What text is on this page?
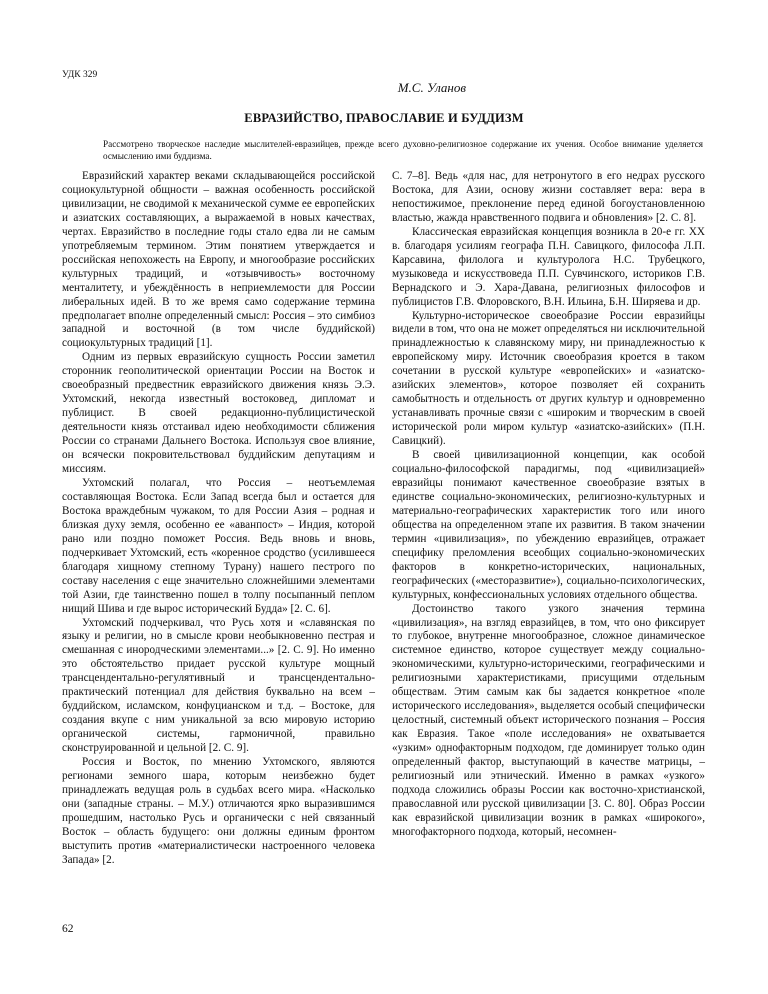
УДК 329
М.С. Уланов
ЕВРАЗИЙСТВО, ПРАВОСЛАВИЕ И БУДДИЗМ
Рассмотрено творческое наследие мыслителей-евразийцев, прежде всего духовно-религиозное содержание их учения. Особое внимание уделяется осмыслению ими буддизма.

Евразийский характер веками складывающейся российской социокультурной общности – важная особенность российской цивилизации, не сводимой к механической сумме ее европейских и азиатских составляющих, а выражаемой в новых качествах, чертах. Евразийство в последние годы стало едва ли не самым употребляемым термином. Этим понятием утверждается и российская непохожесть на Европу, и многообразие российских культурных традиций, и «отзывчивость» восточному менталитету, и убеждённость в неприемлемости для России либеральных идей. В то же время само содержание термина предполагает вполне определенный смысл: Россия – это симбиоз западной и восточной (в том числе буддийской) социокультурных традиций [1].

Одним из первых евразийскую сущность России заметил сторонник геополитической ориентации России на Восток и своеобразный предвестник евразийского движения князь Э.Э. Ухтомский, некогда известный востоковед, дипломат и публицист. В своей редакционно-публицистической деятельности князь отстаивал идею необходимости сближения России со странами Дальнего Востока. Используя свое влияние, он всячески покровительствовал буддийским депутациям и миссиям.

Ухтомский полагал, что Россия – неотъемлемая составляющая Востока. Если Запад всегда был и остается для Востока враждебным чужаком, то для России Азия – родная и близкая духу земля, особенно ее «аванпост» – Индия, которой рано или поздно поможет Россия. Ведь вновь и вновь, подчеркивает Ухтомский, есть «коренное сродство (усилившееся благодаря хищному степному Турану) нашего пестрого по составу населения с еще значительно сложнейшими элементами той Азии, где таинственно пошел в толпу посыпанный пеплом нищий Шива и где вырос исторический Будда» [2. С. 6].

Ухтомский подчеркивал, что Русь хотя и «славянская по языку и религии, но в смысле крови необыкновенно пестрая и смешанная с инородческими элементами...» [2. С. 9]. Но именно это обстоятельство придает русской культуре мощный трансцендентально-регулятивный и трансцендентально-практический потенциал для действия буквально на всем – буддийском, исламском, конфуцианском и т.д. – Востоке, для создания вкупе с ним уникальной за всю мировую историю органической системы, гармоничной, правильно сконструированной и цельной [2. С. 9].

Россия и Восток, по мнению Ухтомского, являются регионами земного шара, которым неизбежно будет принадлежать ведущая роль в судьбах всего мира. «Насколько они (западные страны. – М.У.) отличаются ярко выразившимся прошедшим, настолько Русь и органически с ней связанный Восток – область будущего: они должны единым фронтом выступить против «материалистически настроенного человека Запада» [2.

С. 7–8]. Ведь «для нас, для нетронутого в его недрах русского Востока, для Азии, основу жизни составляет вера: вера в непостижимое, преклонение перед единой богоустановленною властью, жажда нравственного подвига и обновления» [2. С. 8].

Классическая евразийская концепция возникла в 20-е гг. XX в. благодаря усилиям географа П.Н. Савицкого, философа Л.П. Карсавина, филолога и культуролога Н.С. Трубецкого, музыковеда и искусствоведа П.П. Сувчинского, историков Г.В. Вернадского и Э. Хара-Давана, религиозных философов и публицистов Г.В. Флоровского, В.Н. Ильина, Б.Н. Ширяева и др.

Культурно-историческое своеобразие России евразийцы видели в том, что она не может определяться ни исключительной принадлежностью к славянскому миру, ни принадлежностью к европейскому миру. Источник своеобразия кроется в таком сочетании в русской культуре «европейских» и «азиатско-азийских элементов», которое позволяет ей сохранить самобытность и отдельность от других культур и одновременно устанавливать прочные связи с «широким и творческим в своей исторической роли миром культур «азиатско-азийских» (П.Н. Савицкий).

В своей цивилизационной концепции, как особой социально-философской парадигмы, под «цивилизацией» евразийцы понимают качественное своеобразие взятых в единстве социально-экономических, религиозно-культурных и материально-географических характеристик того или иного общества на определенном этапе их развития. В таком значении термин «цивилизация», по убеждению евразийцев, отражает специфику преломления всеобщих социально-экономических факторов в конкретно-исторических, национальных, географических («месторазвитие»), социально-психологических, культурных, конфессиональных условиях отдельного общества.

Достоинство такого узкого значения термина «цивилизация», на взгляд евразийцев, в том, что оно фиксирует то глубокое, внутренне многообразное, сложное динамическое системное единство, которое существует между социально-экономическими, культурно-историческими, географическими и религиозными характеристиками, присущими отдельным обществам. Этим самым как бы задается конкретное «поле исторического исследования», выделяется особый специфически целостный, системный объект исторического познания – Россия как Евразия. Такое «поле исследования» не охватывается «узким» однофакторным подходом, где доминирует только один определенный фактор, выступающий в качестве матрицы, – религиозный или этнический. Именно в рамках «узкого» подхода сложились образы России как восточно-христианской, православной или русской цивилизации [3. С. 80]. Образ России как евразийской цивилизации возник в рамках «широкого», многофакторного подхода, который, несомнен-

62
